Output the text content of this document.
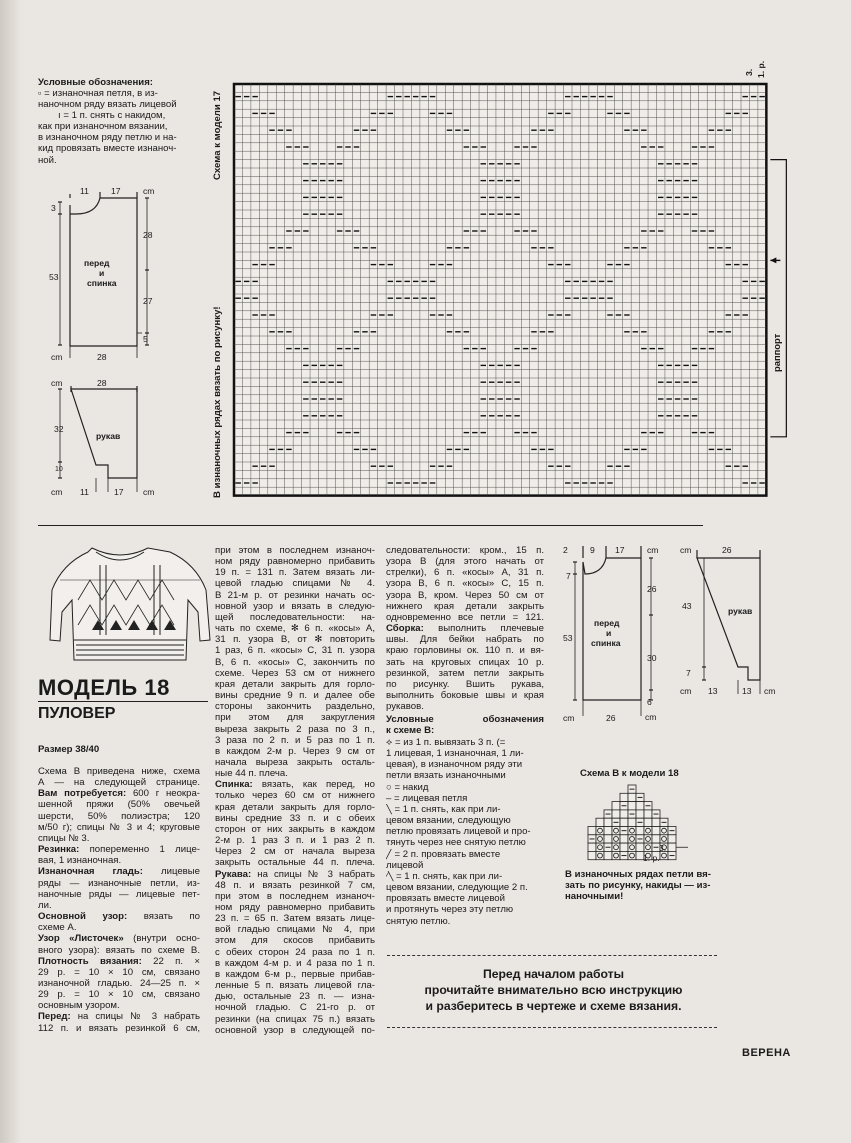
Условные обозначения:
▫ = изнаночная петля, в из-
наночном ряду вязать лицевой
ı = 1 п. снять с накидом,
как при изнаночном вязании,
в изнаночном ряду петлю и на-
кид провязать вместе изнаноч-
ной.
перед
и
спинка
рукав
11	17	cm
3
53
28
27
5
cm	28
cm	28
32
10
cm 11	17 cm
Схема к модели 17
В изнаночных рядах вязать по рисунку!	раппорт
3. 1. р.
МОДЕЛЬ 18
ПУЛОВЕР
Размер 38/40
Схема В приведена ниже, схема
А — на следующей странице.
Вам потребуется: 600 г неокра-
шенной пряжи (50% овечьей
шерсти, 50% полиэстра; 120
м/50 г); спицы № 3 и 4; круговые
спицы № 3.
Резинка: попеременно 1 лице-
вая, 1 изнаночная.
Изнаночная гладь: лицевые
ряды — изнаночные петли, из-
наночные ряды — лицевые пет-
ли.
Основной узор: вязать по
схеме А.
Узор «Листочек» (внутри осно-
вного узора): вязать по схеме В.
Плотность вязания: 22 п. ×
29 р. = 10 × 10 см, связано
изнаночной гладью. 24—25 п. ×
29 р. = 10 × 10 см, связано
основным узором.
Перед: на спицы № 3 набрать
112 п. и вязать резинкой 6 см,
при этом в последнем изнаноч-
ном ряду равномерно прибавить
19 п. = 131 п. Затем вязать ли-
цевой гладью спицами № 4.
В 21-м р. от резинки начать ос-
новной узор и вязать в следую-
щей последовательности: на-
чать по схеме, ✻ 6 п. «косы» А,
31 п. узора В, от ✻ повторить
1 раз, 6 п. «косы» С, 31 п. узора
В, 6 п. «косы» С, закончить по
схеме. Через 53 см от нижнего
края детали закрыть для горло-
вины средние 9 п. и далее обе
стороны закончить раздельно,
при этом для закругления
выреза закрыть 2 раза по 3 п.,
3 раза по 2 п. и 5 раз по 1 п.
в каждом 2-м р. Через 9 см от
начала выреза закрыть осталь-
ные 44 п. плеча.
Спинка: вязать, как перед, но
только через 60 см от нижнего
края детали закрыть для горло-
вины средние 33 п. и с обеих
сторон от них закрыть в каждом
2-м р. 1 раз 3 п. и 1 раз 2 п.
Через 2 см от начала выреза
закрыть остальные 44 п. плеча.
Рукава: на спицы № 3 набрать
48 п. и вязать резинкой 7 см,
при этом в последнем изнаноч-
ном ряду равномерно прибавить
23 п. = 65 п. Затем вязать лице-
вой гладью спицами № 4, при
этом для скосов прибавить
с обеих сторон 24 раза по 1 п.
в каждом 4-м р. и 4 раза по 1 п.
в каждом 6-м р., первые прибав-
ленные 5 п. вязать лицевой гла-
дью, остальные 23 п. — изна-
ночной гладью. С 21-го р. от
резинки (на спицах 75 п.) вязать
основной узор в следующей по-
следовательности: кром., 15 п.
узора В (для этого начать от
стрелки), 6 п. «косы» А, 31 п.
узора В, 6 п. «косы» С, 15 п.
узора В, кром. Через 50 см от
нижнего края детали закрыть
одновременно все петли = 121.
Сборка: выполнить плечевые
швы. Для бейки набрать по
краю горловины ок. 110 п. и вя-
зать на круговых спицах 10 р.
резинкой, затем петли закрыть
по рисунку. Вшить рукава,
выполнить боковые швы и края
рукавов.
Условные обозначения
к схеме В:
⟡ = из 1 п. вывязать 3 п. (=
1 лицевая, 1 изнаночная, 1 ли-
цевая), в изнаночном ряду эти
петли вязать изнаночными
○ = накид
– = лицевая петля
╲ = 1 п. снять, как при ли-
цевом вязании, следующую
петлю провязать лицевой и про-
тянуть через нее снятую петлю
╱ = 2 п. провязать вместе
лицевой
⁄╲ = 1 п. снять, как при ли-
цевом вязании, следующие 2 п.
провязать вместе лицевой
и протянуть через эту петлю
снятую петлю.
перед
и
спинка
рукав
2	9 17	cm
7
53
26
30
6
cm
cm	26
cm	26
43
7
cm 13	13 cm
Схема В к модели 18
3.
1. р.
В изнаночных рядах петли вя-
зать по рисунку, накиды — из-
наночными!
Перед началом работы
прочитайте внимательно всю инструкцию
и разберитесь в чертеже и схеме вязания.
ВЕРЕНА
